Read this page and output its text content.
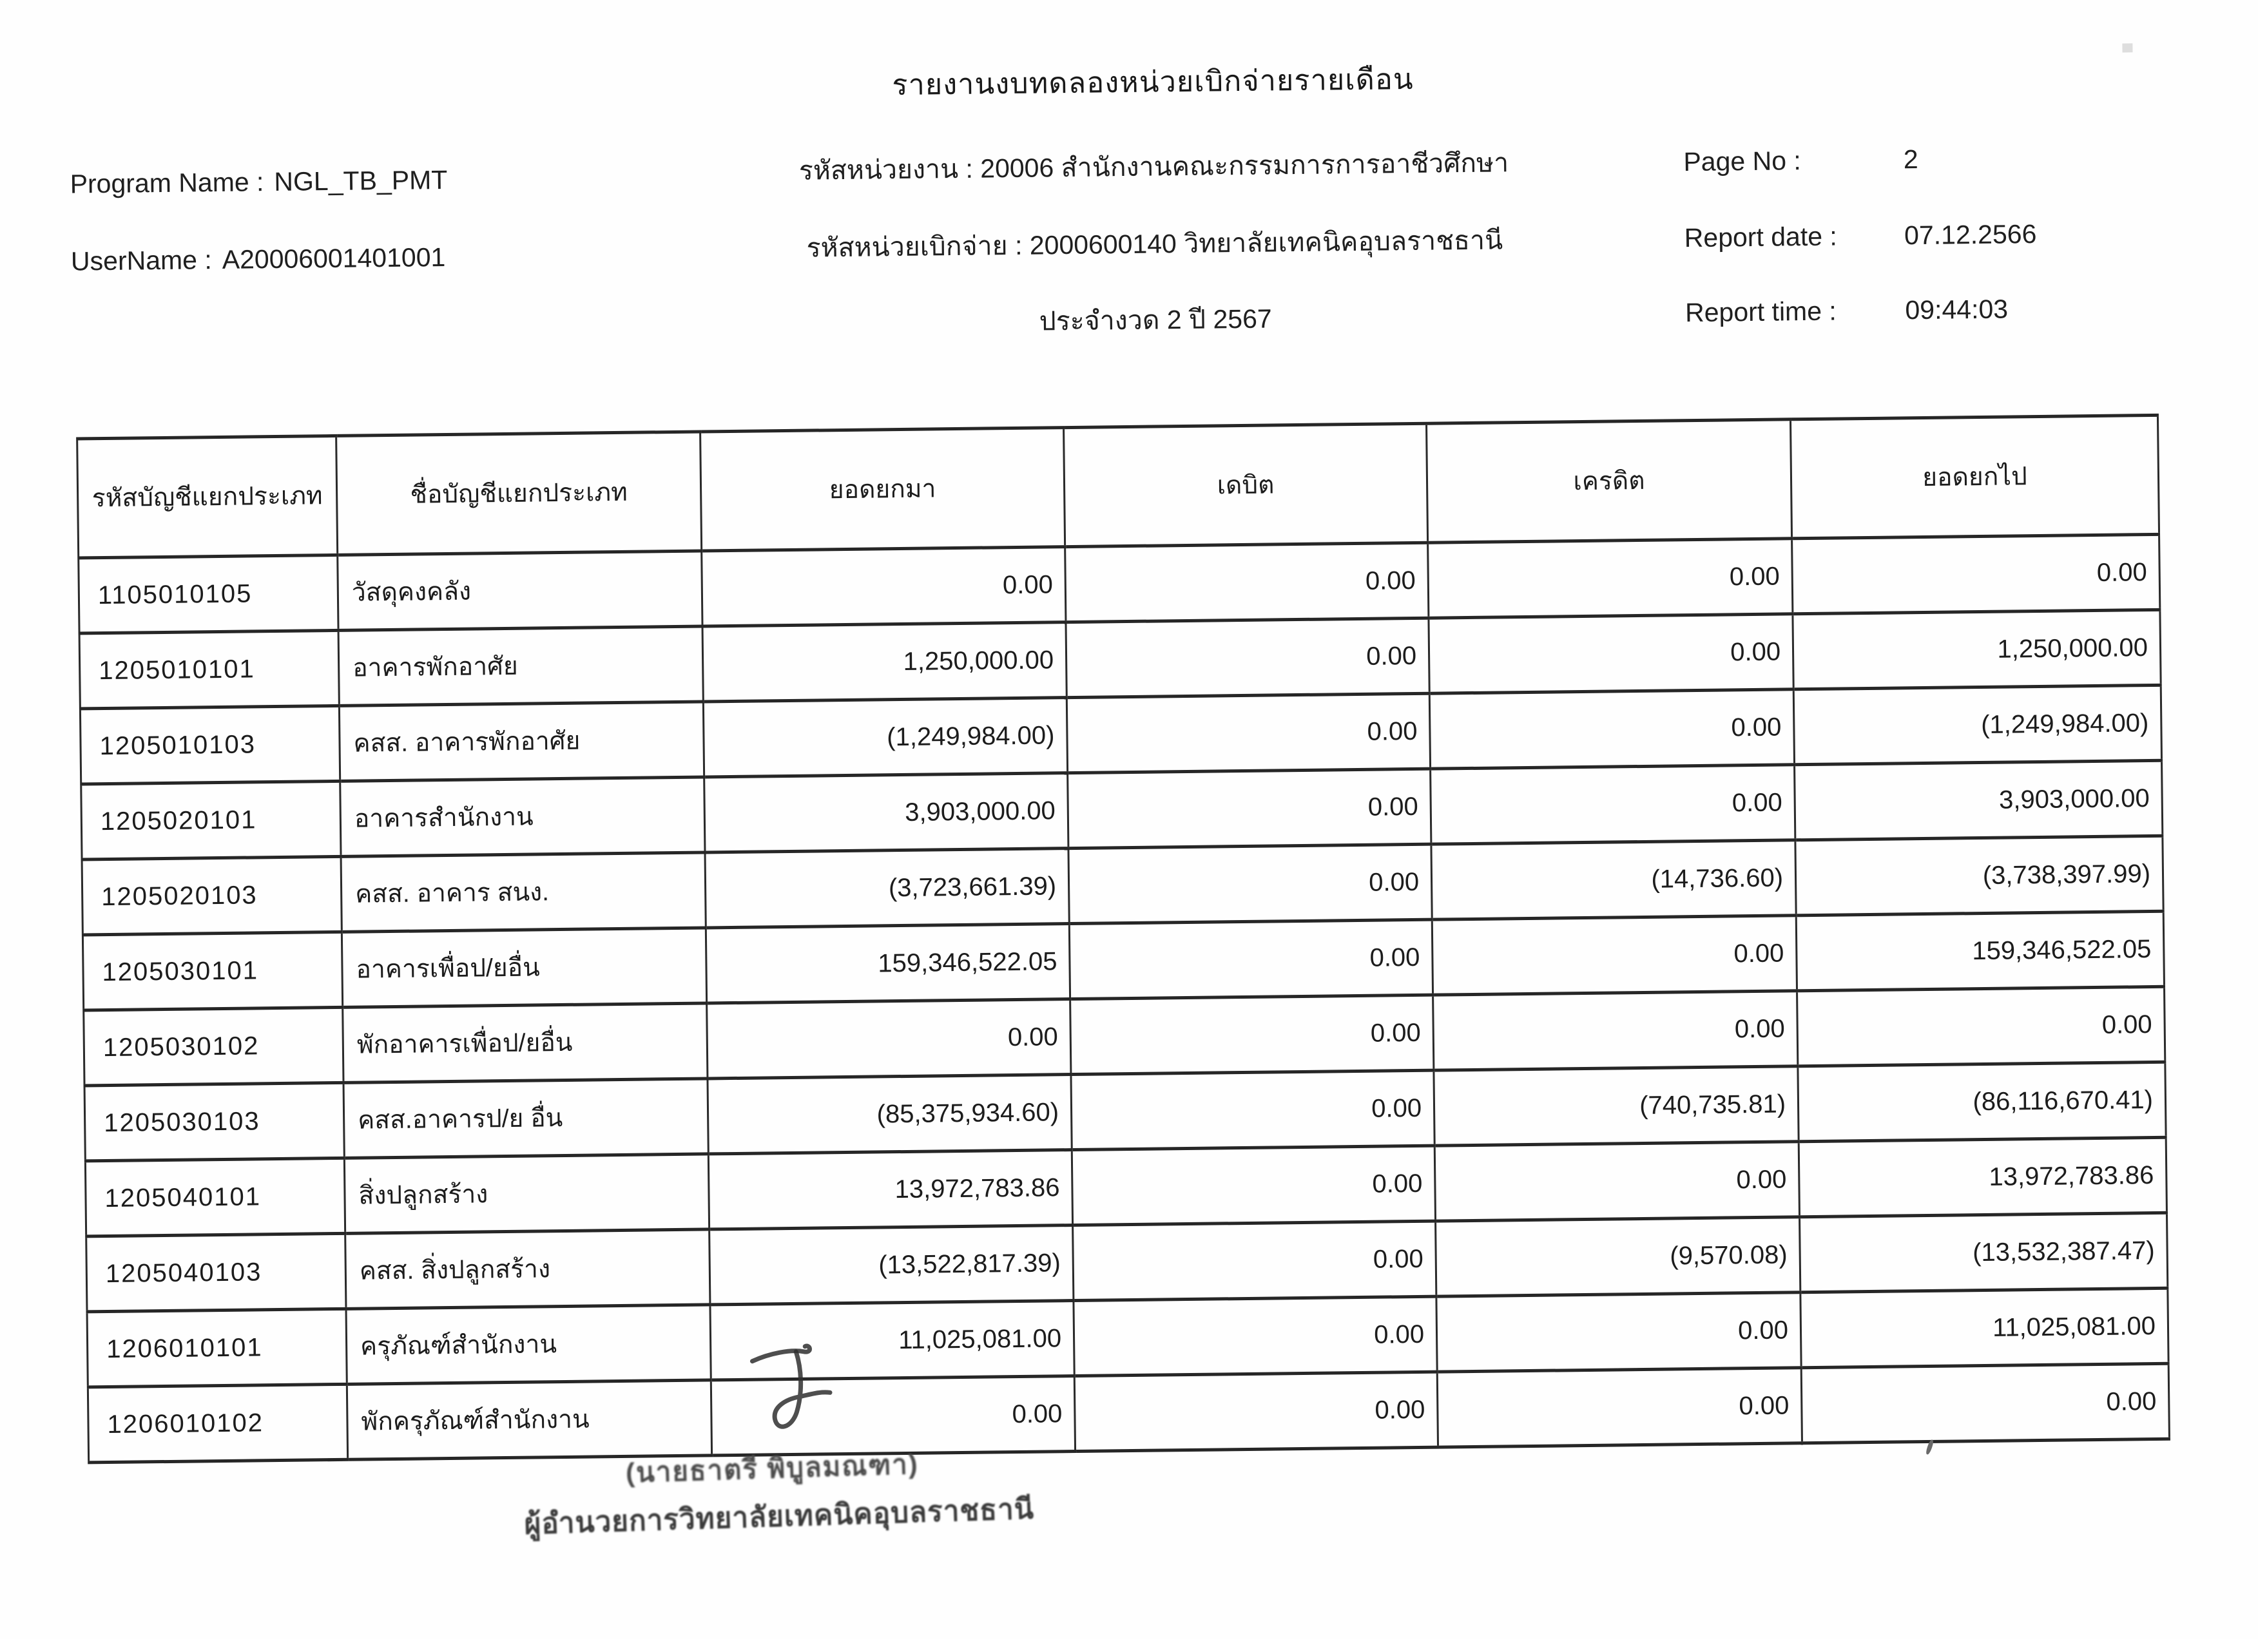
รายงานงบทดลองหน่วยเบิกจ่ายรายเดือน
Program Name : NGL_TB_PMT
UserName : A20006001401001
รหัสหน่วยงาน : 20006 สำนักงานคณะกรรมการการอาชีวศึกษา
รหัสหน่วยเบิกจ่าย : 2000600140 วิทยาลัยเทคนิคอุบลราชธานี
ประจำงวด 2 ปี 2567
Page No :	2
Report date :	07.12.2566
Report time :	09:44:03
รหัสบัญชีแยกประเภท	ชื่อบัญชีแยกประเภท	ยอดยกมา	เดบิต	เครดิต	ยอดยกไป
1105010105	วัสดุคงคลัง	0.00	0.00	0.00	0.00
1205010101	อาคารพักอาศัย	1,250,000.00	0.00	0.00	1,250,000.00
1205010103	คสส. อาคารพักอาศัย	(1,249,984.00)	0.00	0.00	(1,249,984.00)
1205020101	อาคารสำนักงาน	3,903,000.00	0.00	0.00	3,903,000.00
1205020103	คสส. อาคาร สนง.	(3,723,661.39)	0.00	(14,736.60)	(3,738,397.99)
1205030101	อาคารเพื่อป/ยอื่น	159,346,522.05	0.00	0.00	159,346,522.05
1205030102	พักอาคารเพื่อป/ยอื่น	0.00	0.00	0.00	0.00
1205030103	คสส.อาคารป/ย อื่น	(85,375,934.60)	0.00	(740,735.81)	(86,116,670.41)
1205040101	สิ่งปลูกสร้าง	13,972,783.86	0.00	0.00	13,972,783.86
1205040103	คสส. สิ่งปลูกสร้าง	(13,522,817.39)	0.00	(9,570.08)	(13,532,387.47)
1206010101	ครุภัณฑ์สำนักงาน	11,025,081.00	0.00	0.00	11,025,081.00
1206010102	พักครุภัณฑ์สำนักงาน	0.00	0.00	0.00	0.00
(นายธาตรี พิบูลมณฑา)
ผู้อำนวยการวิทยาลัยเทคนิคอุบลราชธานี
